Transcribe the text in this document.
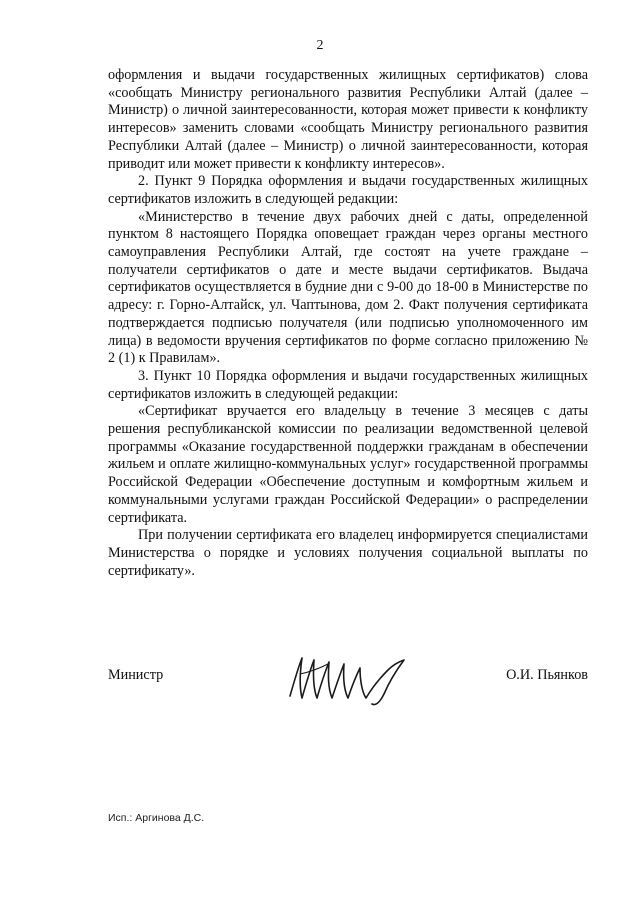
2

оформления и выдачи государственных жилищных сертификатов) слова «сообщать Министру регионального развития Республики Алтай (далее – Министр) о личной заинтересованности, которая может привести к конфликту интересов» заменить словами «сообщать Министру регионального развития Республики Алтай (далее – Министр) о личной заинтересованности, которая приводит или может привести к конфликту интересов».

2. Пункт 9 Порядка оформления и выдачи государственных жилищных сертификатов изложить в следующей редакции:

«Министерство в течение двух рабочих дней с даты, определенной пунктом 8 настоящего Порядка оповещает граждан через органы местного самоуправления Республики Алтай, где состоят на учете граждане – получатели сертификатов о дате и месте выдачи сертификатов. Выдача сертификатов осуществляется в будние дни с 9-00 до 18-00 в Министерстве по адресу: г. Горно-Алтайск, ул. Чаптынова, дом 2. Факт получения сертификата подтверждается подписью получателя (или подписью уполномоченного им лица) в ведомости вручения сертификатов по форме согласно приложению № 2 (1) к Правилам».

3. Пункт 10 Порядка оформления и выдачи государственных жилищных сертификатов изложить в следующей редакции:

«Сертификат вручается его владельцу в течение 3 месяцев с даты решения республиканской комиссии по реализации ведомственной целевой программы «Оказание государственной поддержки гражданам в обеспечении жильем и оплате жилищно-коммунальных услуг» государственной программы Российской Федерации «Обеспечение доступным и комфортным жильем и коммунальными услугами граждан Российской Федерации» о распределении сертификата.

При получении сертификата его владелец информируется специалистами Министерства о порядке и условиях получения социальной выплаты по сертификату».

Министр	О.И. Пьянков
Исп.: Аргинова Д.С.
